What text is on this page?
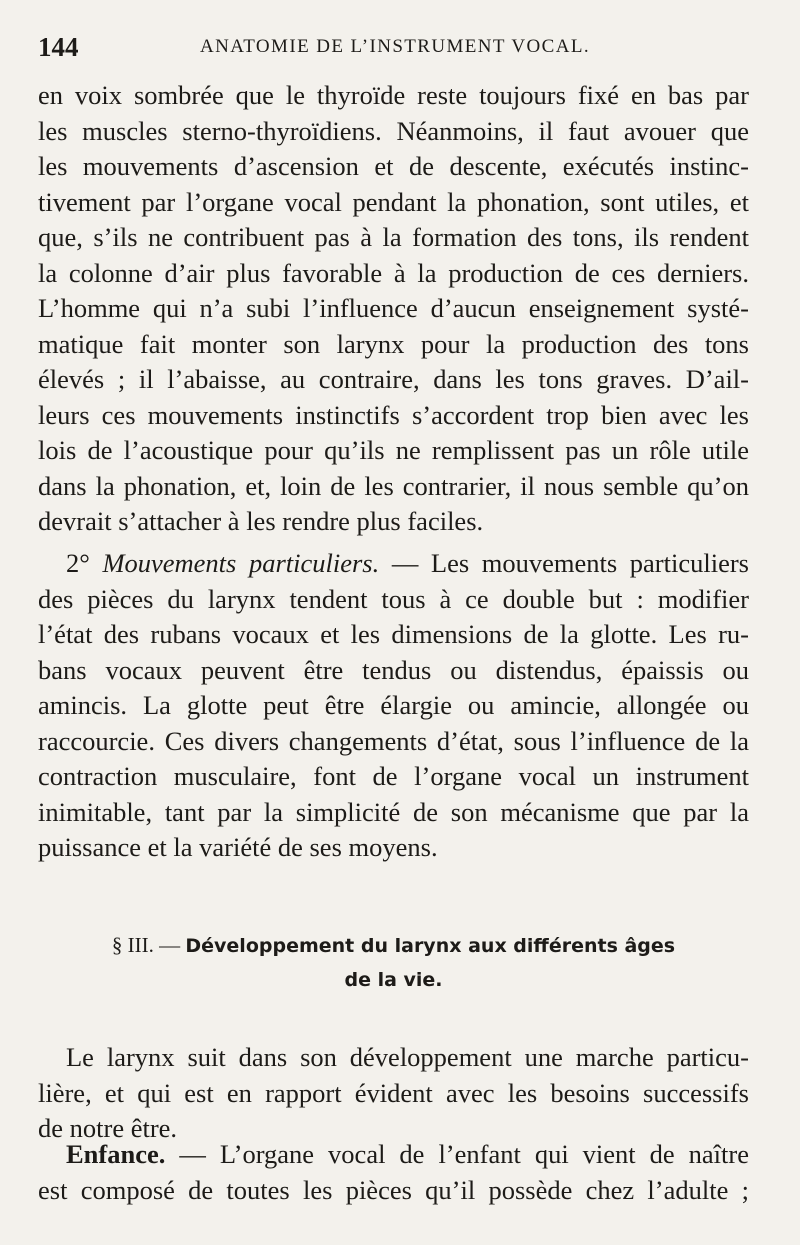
144	ANATOMIE DE L’INSTRUMENT VOCAL.
en voix sombrée que le thyroïde reste toujours fixé en bas par
les muscles sterno-thyroïdiens. Néanmoins, il faut avouer que
les mouvements d’ascension et de descente, exécutés instinc-
tivement par l’organe vocal pendant la phonation, sont utiles, et
que, s’ils ne contribuent pas à la formation des tons, ils rendent
la colonne d’air plus favorable à la production de ces derniers.
L’homme qui n’a subi l’influence d’aucun enseignement systé-
matique fait monter son larynx pour la production des tons
élevés ; il l’abaisse, au contraire, dans les tons graves. D’ail-
leurs ces mouvements instinctifs s’accordent trop bien avec les
lois de l’acoustique pour qu’ils ne remplissent pas un rôle utile
dans la phonation, et, loin de les contrarier, il nous semble qu’on
devrait s’attacher à les rendre plus faciles.
2° Mouvements particuliers. — Les mouvements particuliers
des pièces du larynx tendent tous à ce double but : modifier
l’état des rubans vocaux et les dimensions de la glotte. Les ru-
bans vocaux peuvent être tendus ou distendus, épaissis ou
amincis. La glotte peut être élargie ou amincie, allongée ou
raccourcie. Ces divers changements d’état, sous l’influence de la
contraction musculaire, font de l’organe vocal un instrument
inimitable, tant par la simplicité de son mécanisme que par la
puissance et la variété de ses moyens.
§ III. — Développement du larynx aux différents âges
de la vie.
Le larynx suit dans son développement une marche particu-
lière, et qui est en rapport évident avec les besoins successifs
de notre être.
Enfance. — L’organe vocal de l’enfant qui vient de naître
est composé de toutes les pièces qu’il possède chez l’adulte ;
